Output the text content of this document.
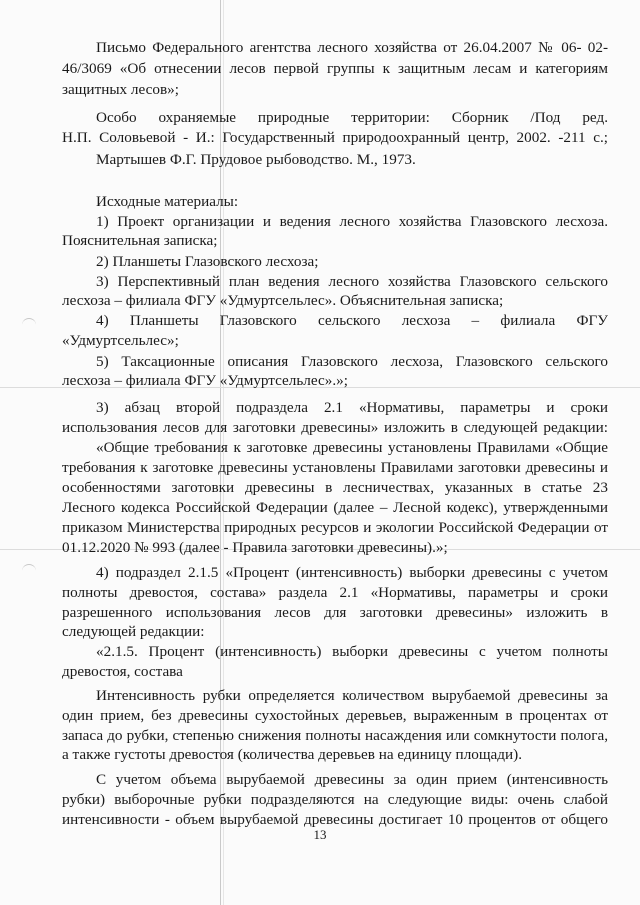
Письмо Федерального агентства лесного хозяйства от 26.04.2007 № 06- 02-
46/3069 «Об отнесении лесов первой группы к защитным лесам и категориям
защитных лесов»;
Особо охраняемые природные территории: Сборник /Под ред.
Н.П. Соловьевой - И.: Государственный природоохранный центр, 2002. -211 с.;
Мартышев Ф.Г. Прудовое рыбоводство. М., 1973.
Исходные материалы:
1) Проект организации и ведения лесного хозяйства Глазовского лесхоза.
Пояснительная записка;
2) Планшеты Глазовского лесхоза;
3) Перспективный план ведения лесного хозяйства Глазовского сельского
лесхоза – филиала ФГУ «Удмуртсельлес». Объяснительная записка;
4) Планшеты Глазовского сельского лесхоза – филиала ФГУ
«Удмуртсельлес»;
5) Таксационные описания Глазовского лесхоза, Глазовского сельского
лесхоза – филиала ФГУ «Удмуртсельлес».»;
3) абзац второй подраздела 2.1 «Нормативы, параметры и сроки
использования лесов для заготовки древесины» изложить в следующей редакции:
«Общие требования к заготовке древесины установлены Правилами «Общие
требования к заготовке древесины установлены Правилами заготовки древесины и
особенностями заготовки древесины в лесничествах, указанных в статье 23
Лесного кодекса Российской Федерации (далее – Лесной кодекс), утвержденными
приказом Министерства природных ресурсов и экологии Российской Федерации от
01.12.2020 № 993 (далее - Правила заготовки древесины).»;
4) подраздел 2.1.5 «Процент (интенсивность) выборки древесины с учетом
полноты древостоя, состава» раздела 2.1 «Нормативы, параметры и сроки
разрешенного использования лесов для заготовки древесины» изложить в
следующей редакции:
«2.1.5. Процент (интенсивность) выборки древесины с учетом полноты
древостоя, состава
Интенсивность рубки определяется количеством вырубаемой древесины за
один прием, без древесины сухостойных деревьев, выраженным в процентах от
запаса до рубки, степенью снижения полноты насаждения или сомкнутости полога,
а также густоты древостоя (количества деревьев на единицу площади).
С учетом объема вырубаемой древесины за один прием (интенсивность
рубки) выборочные рубки подразделяются на следующие виды: очень слабой
интенсивности - объем вырубаемой древесины достигает 10 процентов от общего
13
